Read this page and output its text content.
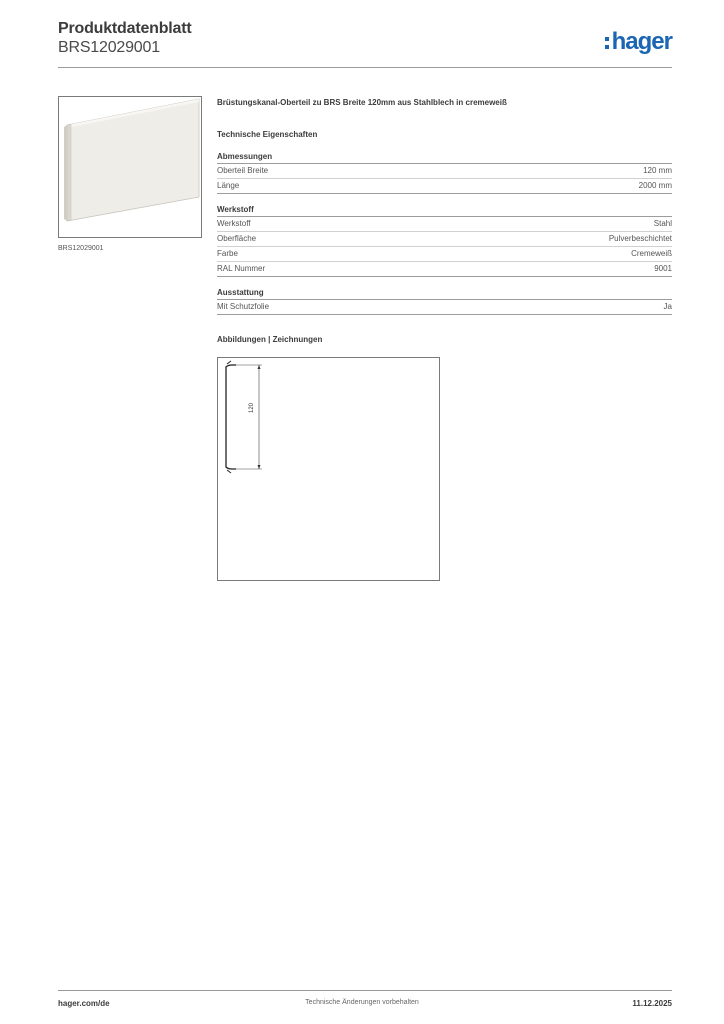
Produktdatenblatt
BRS12029001	hager
BRS12029001
Brüstungskanal-Oberteil zu BRS Breite 120mm aus Stahlblech in cremeweiß
Technische Eigenschaften
Abmessungen
Oberteil Breite	120 mm
Länge	2000 mm
Werkstoff
Werkstoff	Stahl
Oberfläche	Pulverbeschichtet
Farbe	Cremeweiß
RAL Nummer	9001
Ausstattung
Mit Schutzfolie	Ja
Abbildungen | Zeichnungen
120
hager.com/de	Technische Änderungen vorbehalten	11.12.2025
